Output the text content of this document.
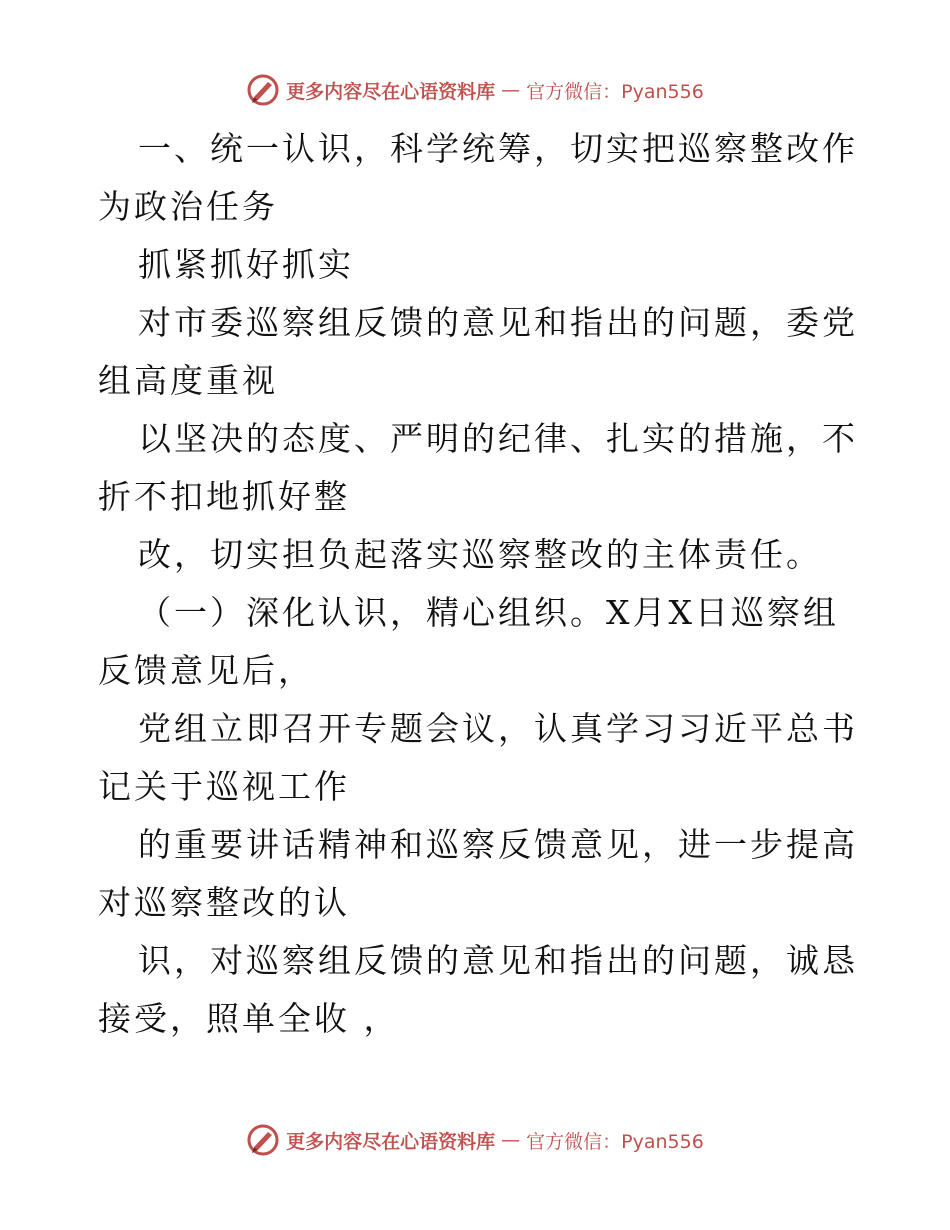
更多内容尽在心语资料库 — 官方微信：Pyan556

一、统一认识，科学统筹，切实把巡察整改作为政治任务

抓紧抓好抓实

对市委巡察组反馈的意见和指出的问题，委党组高度重视

以坚决的态度、严明的纪律、扎实的措施，不折不扣地抓好整

改，切实担负起落实巡察整改的主体责任。

（一）深化认识，精心组织。X月X日巡察组反馈意见后，

党组立即召开专题会议，认真学习习近平总书记关于巡视工作

的重要讲话精神和巡察反馈意见，进一步提高对巡察整改的认

识，对巡察组反馈的意见和指出的问题，诚恳接受，照单全收 ，

更多内容尽在心语资料库 — 官方微信：Pyan556
